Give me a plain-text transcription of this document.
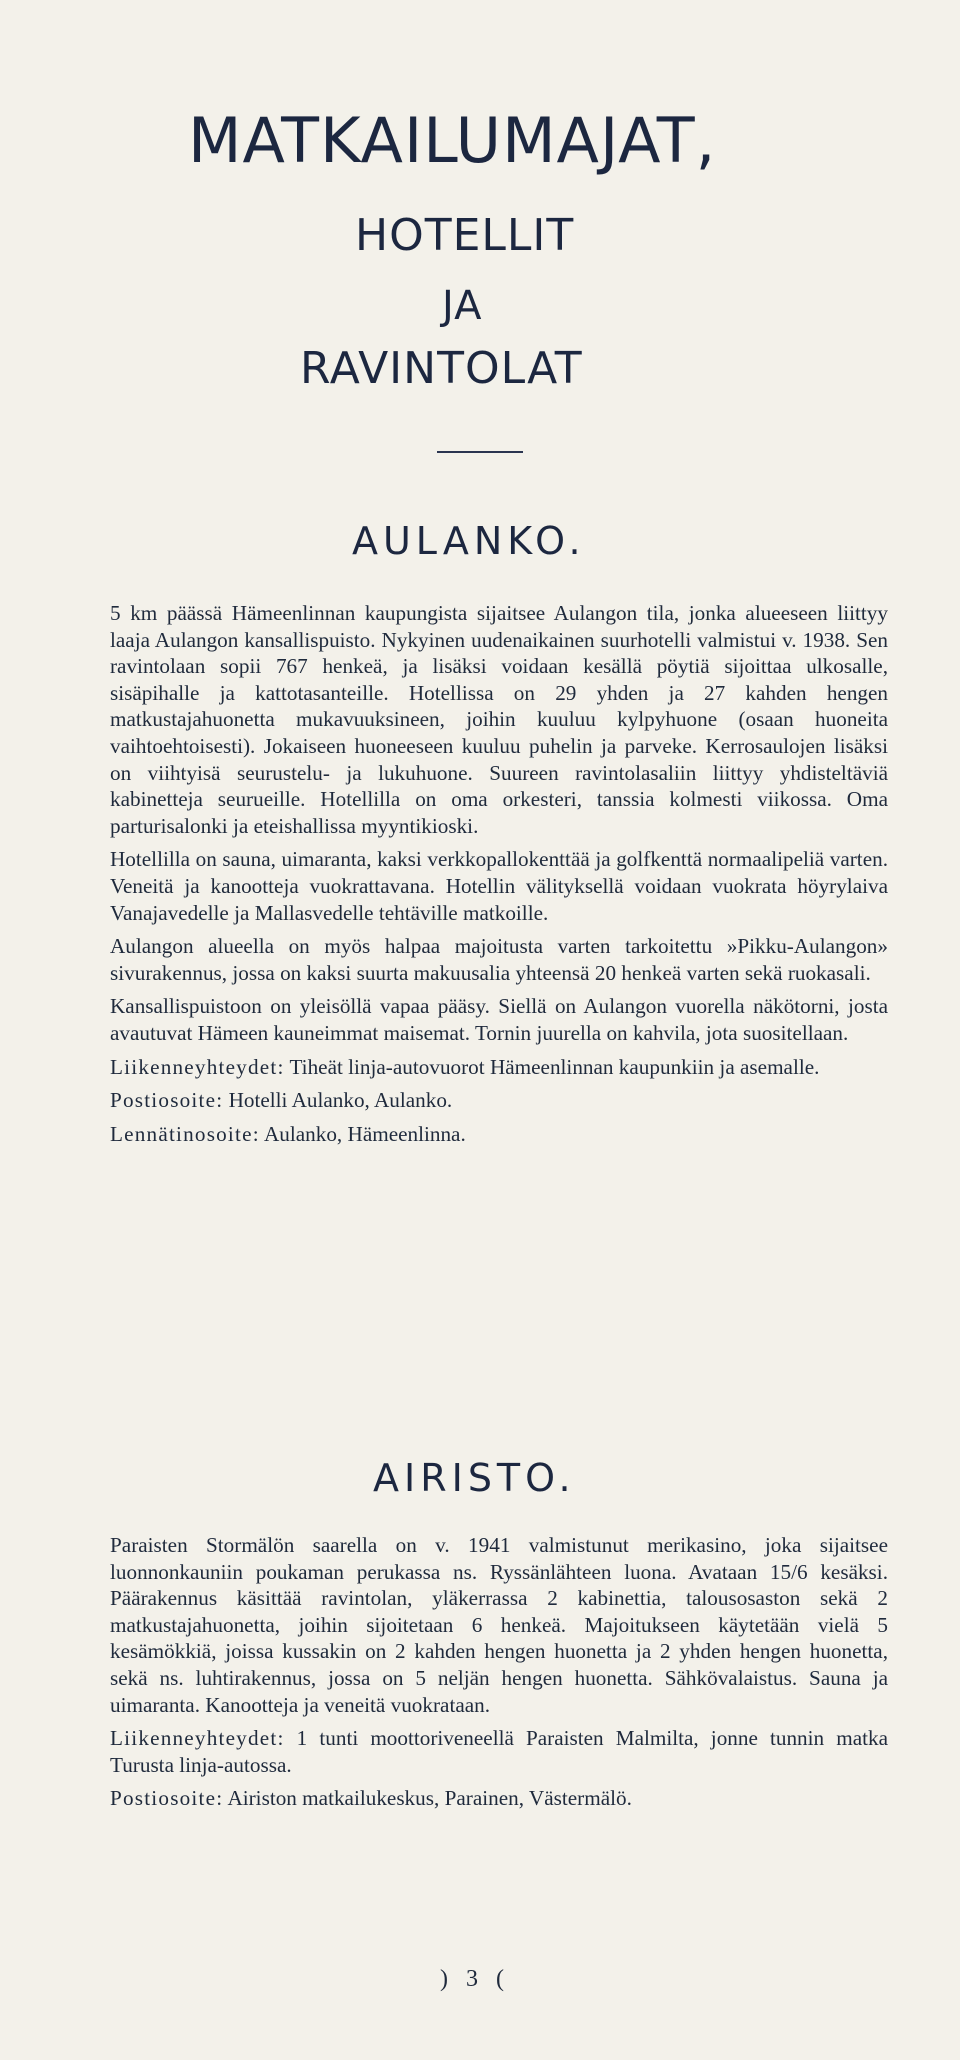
MATKAILUMAJAT,
HOTELLIT
JA
RAVINTOLAT
AULANKO.

5 km päässä Hämeenlinnan kaupungista sijaitsee Aulangon tila, jonka alueeseen liittyy laaja Aulangon kansallispuisto. Nykyinen uudenaikainen suurhotelli valmistui v. 1938. Sen ravintolaan sopii 767 henkeä, ja lisäksi voidaan kesällä pöytiä sijoittaa ulkosalle, sisäpihalle ja kattotasanteille. Hotellissa on 29 yhden ja 27 kahden hengen matkustajahuonetta mukavuuksineen, joihin kuuluu kylpyhuone (osaan huoneita vaihtoehtoisesti). Jokaiseen huoneeseen kuuluu puhelin ja parveke. Kerrosaulojen lisäksi on viihtyisä seurustelu- ja lukuhuone. Suureen ravintolasaliin liittyy yhdisteltäviä kabinetteja seurueille. Hotellilla on oma orkesteri, tanssia kolmesti viikossa. Oma parturisalonki ja eteishallissa myyntikioski.

Hotellilla on sauna, uimaranta, kaksi verkkopallokenttää ja golfkenttä normaalipeliä varten. Veneitä ja kanootteja vuokrattavana. Hotellin välityksellä voidaan vuokrata höyrylaiva Vanajavedelle ja Mallasvedelle tehtäville matkoille.

Aulangon alueella on myös halpaa majoitusta varten tarkoitettu »Pikku-Aulangon» sivurakennus, jossa on kaksi suurta makuusalia yhteensä 20 henkeä varten sekä ruokasali.

Kansallispuistoon on yleisöllä vapaa pääsy. Siellä on Aulangon vuorella näkötorni, josta avautuvat Hämeen kauneimmat maisemat. Tornin juurella on kahvila, jota suositellaan.

Liikenneyhteydet: Tiheät linja-autovuorot Hämeenlinnan kaupunkiin ja asemalle.

Postiosoite: Hotelli Aulanko, Aulanko.

Lennätinosoite: Aulanko, Hämeenlinna.

AIRISTO.

Paraisten Stormälön saarella on v. 1941 valmistunut merikasino, joka sijaitsee luonnonkauniin poukaman perukassa ns. Ryssänlähteen luona. Avataan 15/6 kesäksi. Päärakennus käsittää ravintolan, yläkerrassa 2 kabinettia, talousosaston sekä 2 matkustajahuonetta, joihin sijoitetaan 6 henkeä. Majoitukseen käytetään vielä 5 kesämökkiä, joissa kussakin on 2 kahden hengen huonetta ja 2 yhden hengen huonetta, sekä ns. luhtirakennus, jossa on 5 neljän hengen huonetta. Sähkövalaistus. Sauna ja uimaranta. Kanootteja ja veneitä vuokrataan.

Liikenneyhteydet: 1 tunti moottoriveneellä Paraisten Malmilta, jonne tunnin matka Turusta linja-autossa.

Postiosoite: Airiston matkailukeskus, Parainen, Västermälö.

) 3 (
